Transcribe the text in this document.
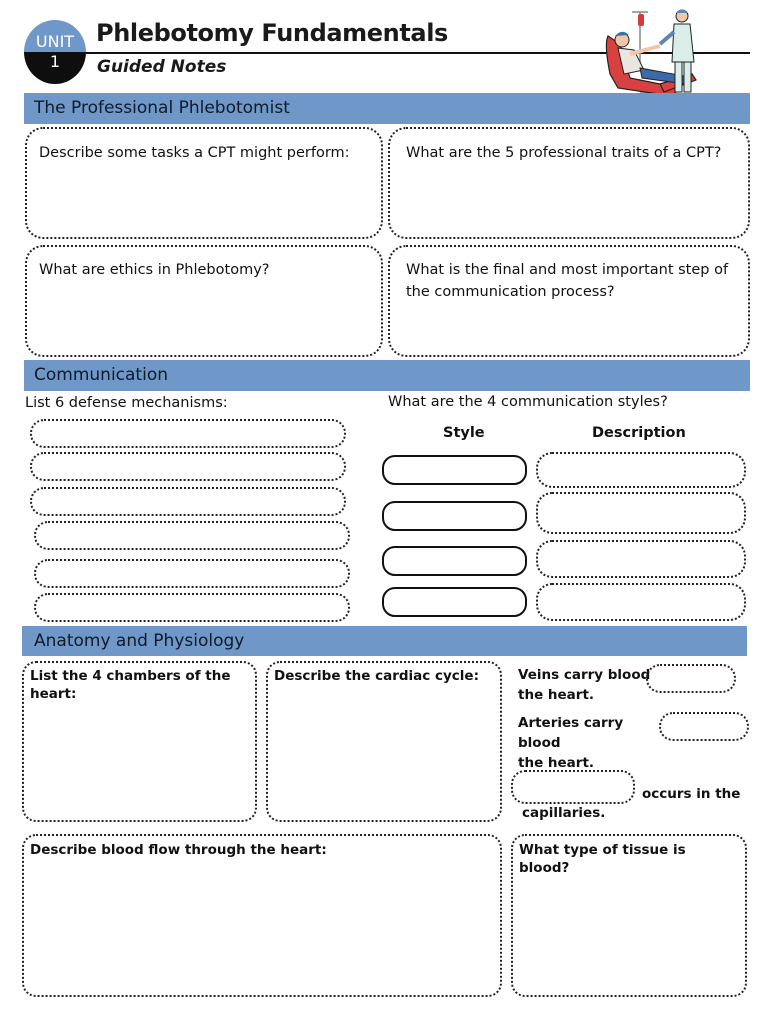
UNIT
1
Phlebotomy Fundamentals
Guided Notes
The Professional Phlebotomist
Describe some tasks a CPT might perform:	What are the 5 professional traits of a CPT?
What are ethics in Phlebotomy?	What is the final and most important step of the communication process?
Communication
List 6 defense mechanisms:	What are the 4 communication styles?
Style	Description
Anatomy and Physiology
List the 4 chambers of the heart:
Describe the cardiac cycle:	Veins carry blood
the heart.
Arteries carry blood
the heart.
occurs in the
capillaries.
Describe blood flow through the heart:	What type of tissue is blood?
